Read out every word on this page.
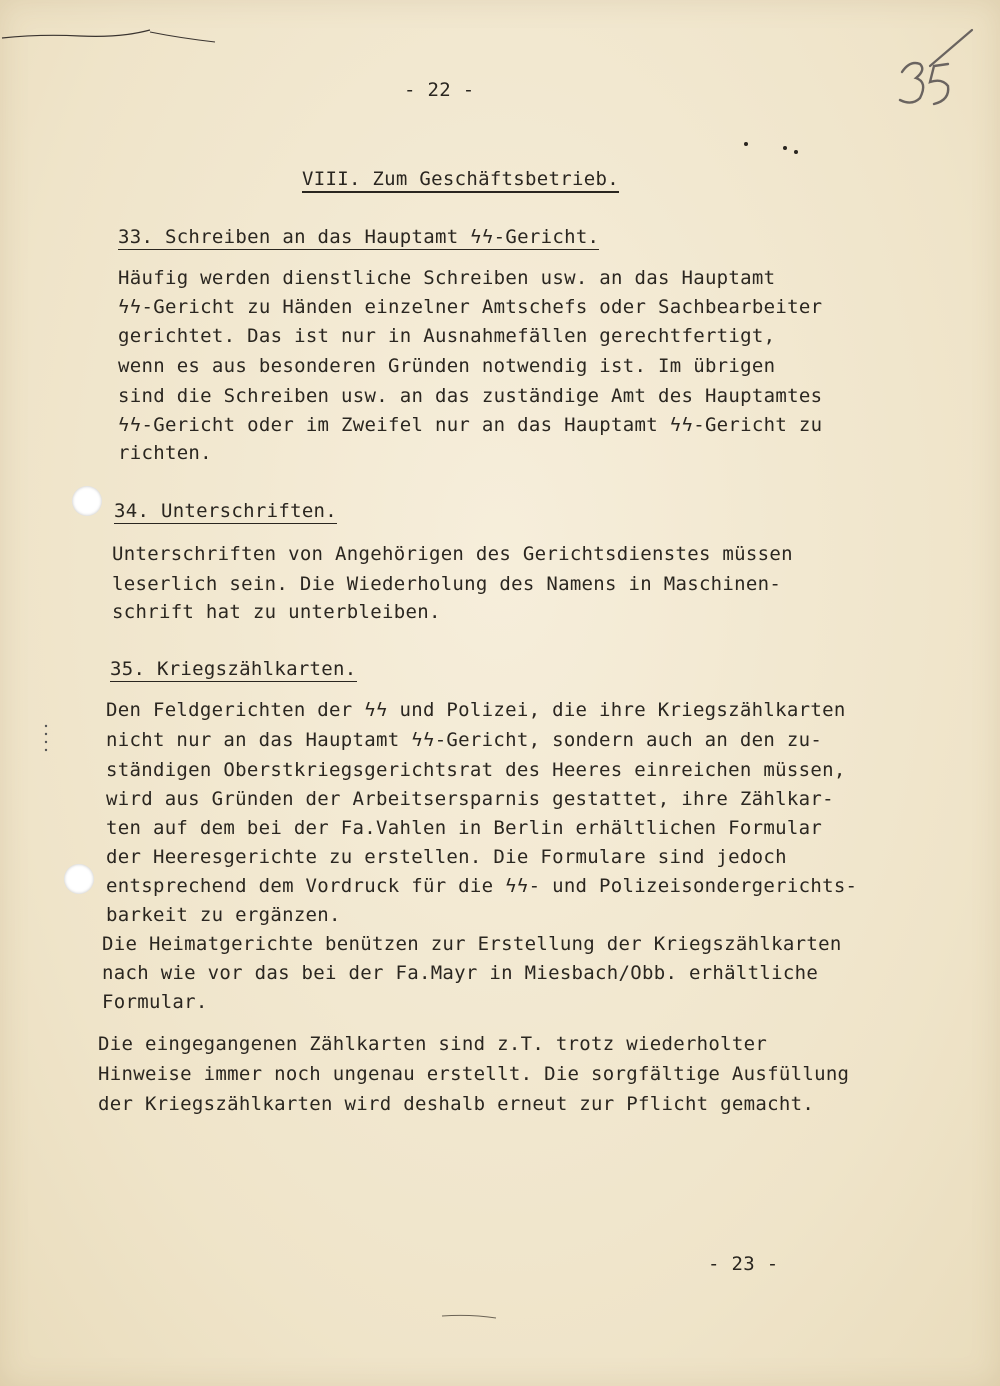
- 22 -
VIII. Zum Geschäftsbetrieb.
33. Schreiben an das Hauptamt ϟϟ-Gericht.
Häufig werden dienstliche Schreiben usw. an das Hauptamt
ϟϟ-Gericht zu Händen einzelner Amtschefs oder Sachbearbeiter
gerichtet. Das ist nur in Ausnahmefällen gerechtfertigt,
wenn es aus besonderen Gründen notwendig ist. Im übrigen
sind die Schreiben usw. an das zuständige Amt des Hauptamtes
ϟϟ-Gericht oder im Zweifel nur an das Hauptamt ϟϟ-Gericht zu
richten.
34. Unterschriften.
Unterschriften von Angehörigen des Gerichtsdienstes müssen
leserlich sein. Die Wiederholung des Namens in Maschinen-
schrift hat zu unterbleiben.
35. Kriegszählkarten.
Den Feldgerichten der ϟϟ und Polizei, die ihre Kriegszählkarten
nicht nur an das Hauptamt ϟϟ-Gericht, sondern auch an den zu-
ständigen Oberstkriegsgerichtsrat des Heeres einreichen müssen,
wird aus Gründen der Arbeitsersparnis gestattet, ihre Zählkar-
ten auf dem bei der Fa.Vahlen in Berlin erhältlichen Formular
der Heeresgerichte zu erstellen. Die Formulare sind jedoch
entsprechend dem Vordruck für die ϟϟ- und Polizeisondergerichts-
barkeit zu ergänzen.
Die Heimatgerichte benützen zur Erstellung der Kriegszählkarten
nach wie vor das bei der Fa.Mayr in Miesbach/Obb. erhältliche
Formular.
Die eingegangenen Zählkarten sind z.T. trotz wiederholter
Hinweise immer noch ungenau erstellt. Die sorgfältige Ausfüllung
der Kriegszählkarten wird deshalb erneut zur Pflicht gemacht.
- 23 -
